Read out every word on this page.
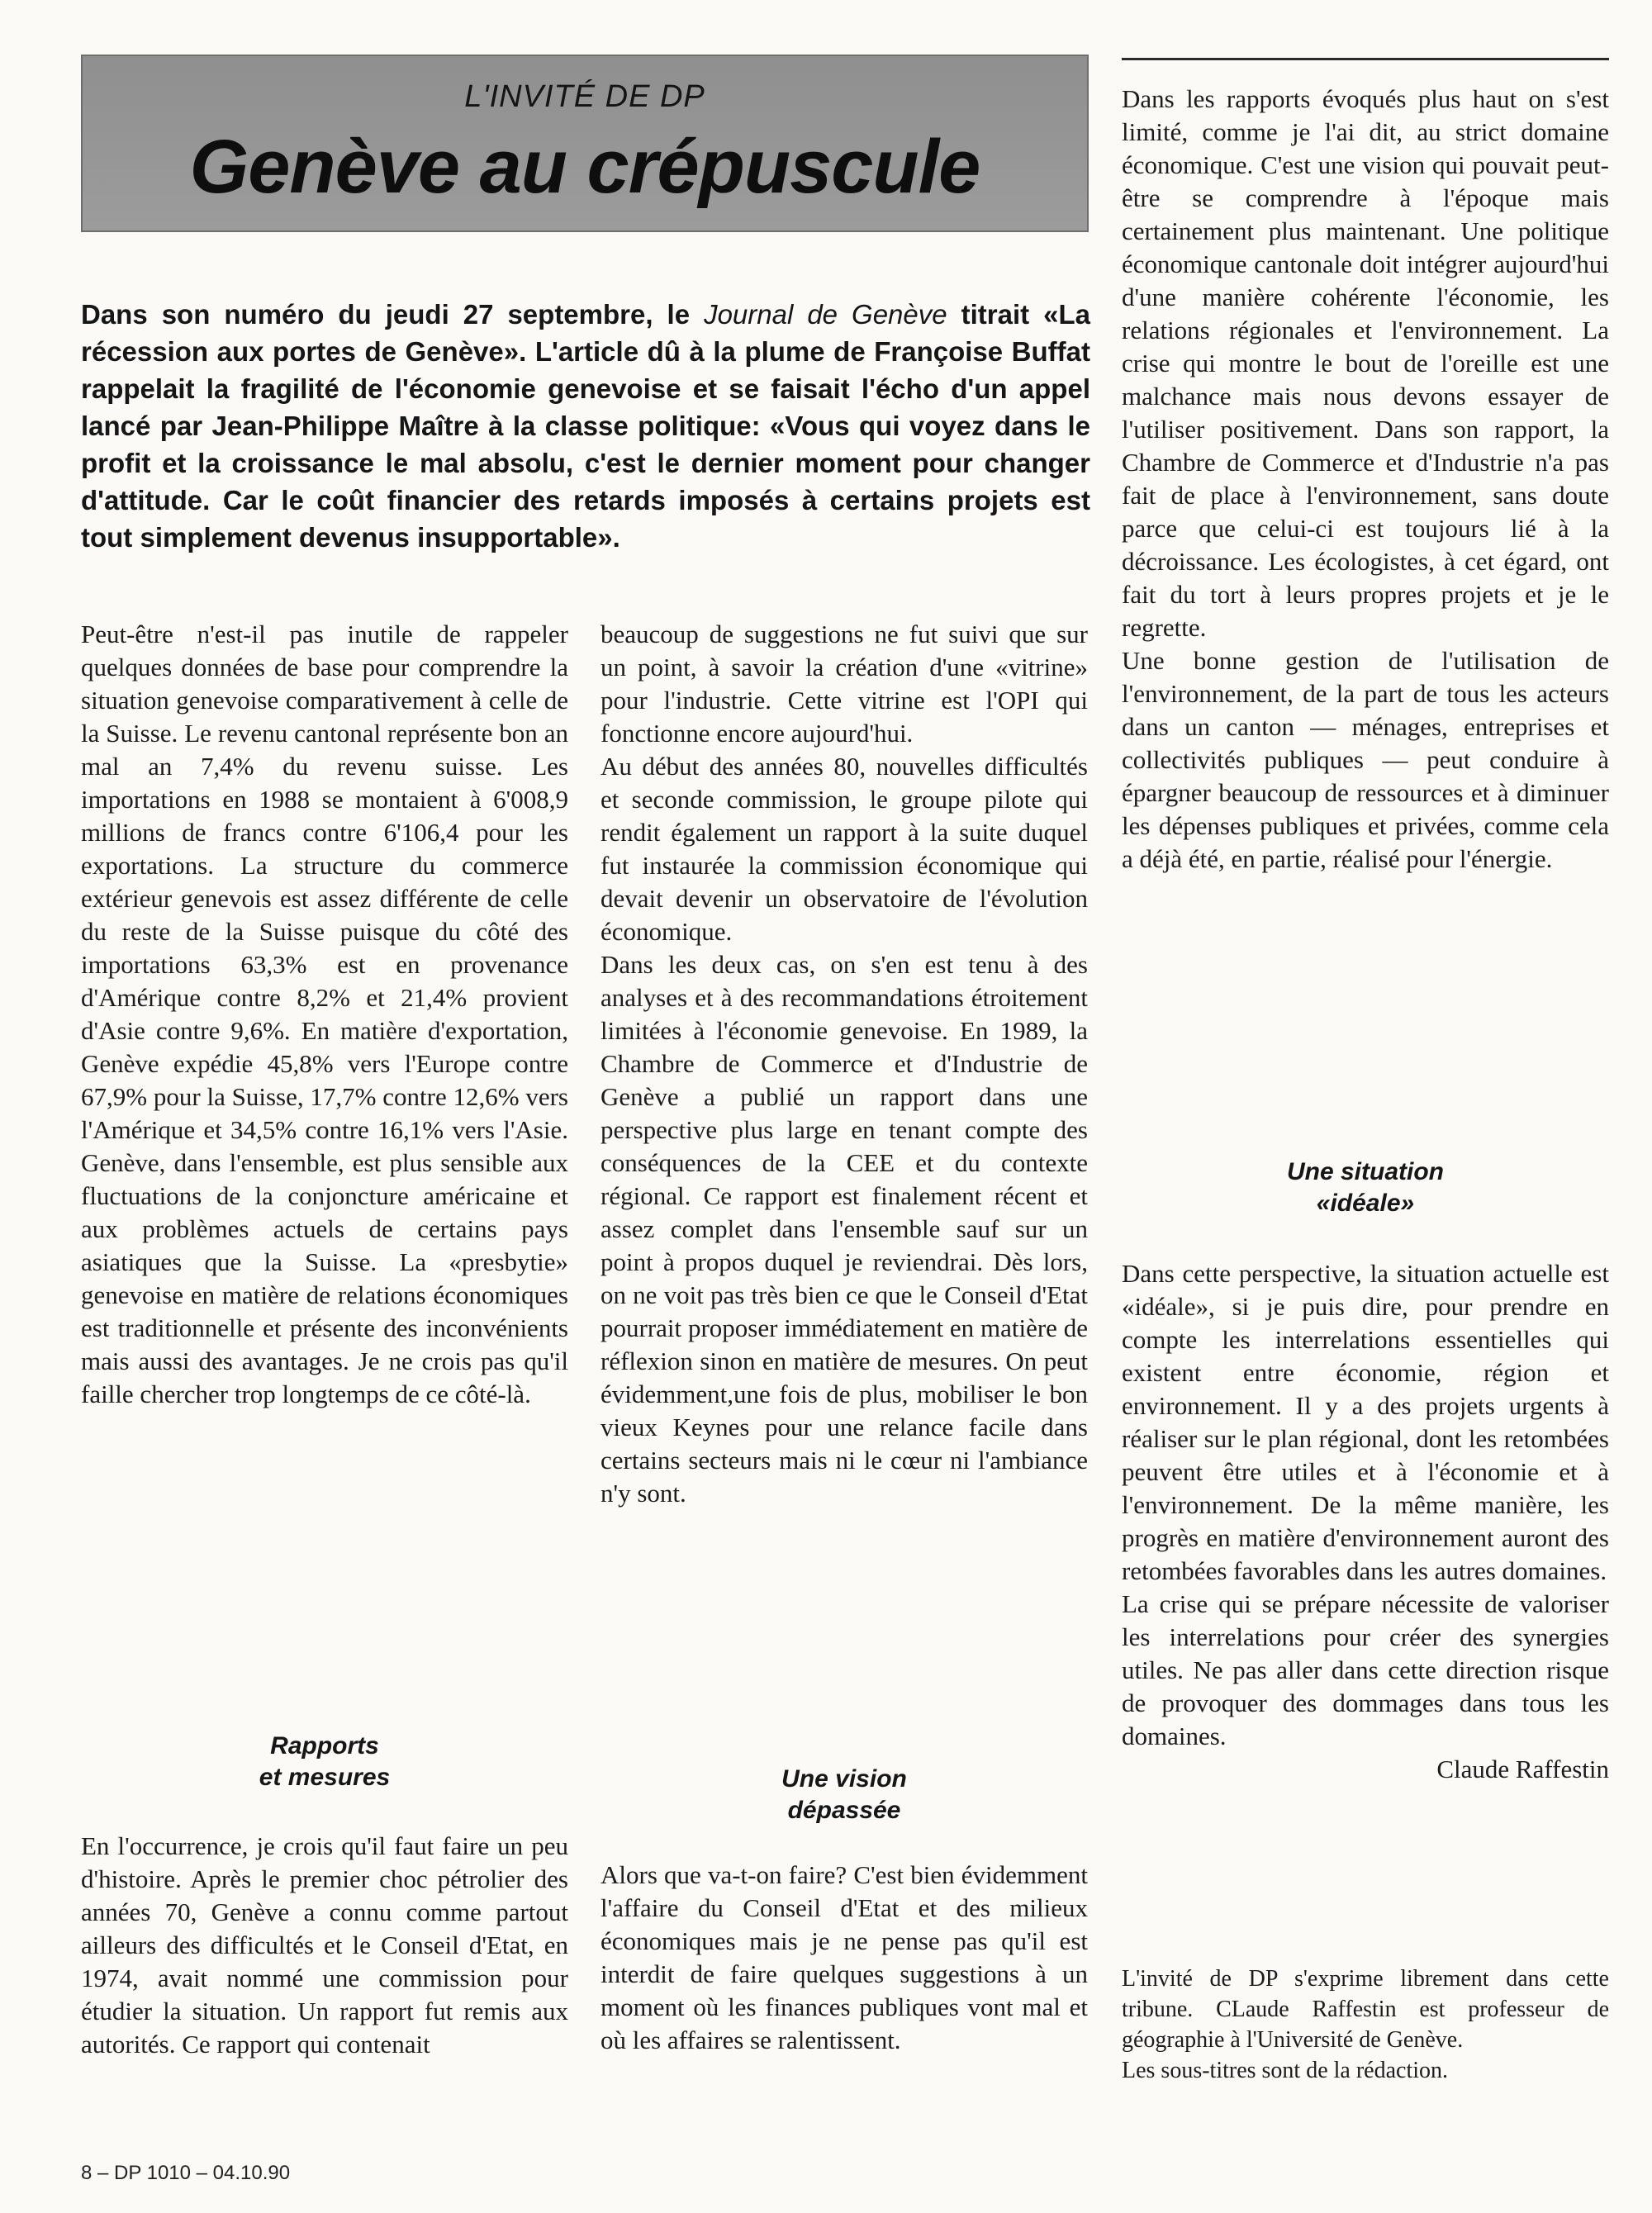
L'INVITÉ DE DP
Genève au crépuscule

Dans son numéro du jeudi 27 septembre, le Journal de Genève titrait «La récession aux portes de Genève». L'article dû à la plume de Françoise Buffat rappelait la fragilité de l'économie genevoise et se faisait l'écho d'un appel lancé par Jean-Philippe Maître à la classe politique: «Vous qui voyez dans le profit et la croissance le mal absolu, c'est le dernier moment pour changer d'attitude. Car le coût financier des retards imposés à certains projets est tout simplement devenus insupportable».

Peut-être n'est-il pas inutile de rappeler quelques données de base pour comprendre la situation genevoise comparativement à celle de la Suisse. Le revenu cantonal représente bon an mal an 7,4% du revenu suisse. Les importations en 1988 se montaient à 6'008,9 millions de francs contre 6'106,4 pour les exportations. La structure du commerce extérieur genevois est assez différente de celle du reste de la Suisse puisque du côté des importations 63,3% est en provenance d'Amérique contre 8,2% et 21,4% provient d'Asie contre 9,6%. En matière d'exportation, Genève expédie 45,8% vers l'Europe contre 67,9% pour la Suisse, 17,7% contre 12,6% vers l'Amérique et 34,5% contre 16,1% vers l'Asie. Genève, dans l'ensemble, est plus sensible aux fluctuations de la conjoncture américaine et aux problèmes actuels de certains pays asiatiques que la Suisse. La «presbytie» genevoise en matière de relations économiques est traditionnelle et présente des inconvénients mais aussi des avantages. Je ne crois pas qu'il faille chercher trop longtemps de ce côté-là.

Rapports
et mesures

En l'occurrence, je crois qu'il faut faire un peu d'histoire. Après le premier choc pétrolier des années 70, Genève a connu comme partout ailleurs des difficultés et le Conseil d'Etat, en 1974, avait nommé une commission pour étudier la situation. Un rapport fut remis aux autorités. Ce rapport qui contenait

beaucoup de suggestions ne fut suivi que sur un point, à savoir la création d'une «vitrine» pour l'industrie. Cette vitrine est l'OPI qui fonctionne encore aujourd'hui.

Au début des années 80, nouvelles difficultés et seconde commission, le groupe pilote qui rendit également un rapport à la suite duquel fut instaurée la commission économique qui devait devenir un observatoire de l'évolution économique.

Dans les deux cas, on s'en est tenu à des analyses et à des recommandations étroitement limitées à l'économie genevoise. En 1989, la Chambre de Commerce et d'Industrie de Genève a publié un rapport dans une perspective plus large en tenant compte des conséquences de la CEE et du contexte régional. Ce rapport est finalement récent et assez complet dans l'ensemble sauf sur un point à propos duquel je reviendrai. Dès lors, on ne voit pas très bien ce que le Conseil d'Etat pourrait proposer immédiatement en matière de réflexion sinon en matière de mesures. On peut évidemment,une fois de plus, mobiliser le bon vieux Keynes pour une relance facile dans certains secteurs mais ni le cœur ni l'ambiance n'y sont.

Une vision
dépassée

Alors que va-t-on faire? C'est bien évidemment l'affaire du Conseil d'Etat et des milieux économiques mais je ne pense pas qu'il est interdit de faire quelques suggestions à un moment où les finances publiques vont mal et où les affaires se ralentissent.

Dans les rapports évoqués plus haut on s'est limité, comme je l'ai dit, au strict domaine économique. C'est une vision qui pouvait peut-être se comprendre à l'époque mais certainement plus maintenant. Une politique économique cantonale doit intégrer aujourd'hui d'une manière cohérente l'économie, les relations régionales et l'environnement. La crise qui montre le bout de l'oreille est une malchance mais nous devons essayer de l'utiliser positivement. Dans son rapport, la Chambre de Commerce et d'Industrie n'a pas fait de place à l'environnement, sans doute parce que celui-ci est toujours lié à la décroissance. Les écologistes, à cet égard, ont fait du tort à leurs propres projets et je le regrette.

Une bonne gestion de l'utilisation de l'environnement, de la part de tous les acteurs dans un canton — ménages, entreprises et collectivités publiques — peut conduire à épargner beaucoup de ressources et à diminuer les dépenses publiques et privées, comme cela a déjà été, en partie, réalisé pour l'énergie.

Une situation
«idéale»

Dans cette perspective, la situation actuelle est «idéale», si je puis dire, pour prendre en compte les interrelations essentielles qui existent entre économie, région et environnement. Il y a des projets urgents à réaliser sur le plan régional, dont les retombées peuvent être utiles et à l'économie et à l'environnement. De la même manière, les progrès en matière d'environnement auront des retombées favorables dans les autres domaines.

La crise qui se prépare nécessite de valoriser les interrelations pour créer des synergies utiles. Ne pas aller dans cette direction risque de provoquer des dommages dans tous les domaines.

Claude Raffestin

L'invité de DP s'exprime librement dans cette tribune. CLaude Raffestin est professeur de géographie à l'Université de Genève.

Les sous-titres sont de la rédaction.

8 – DP 1010 – 04.10.90
